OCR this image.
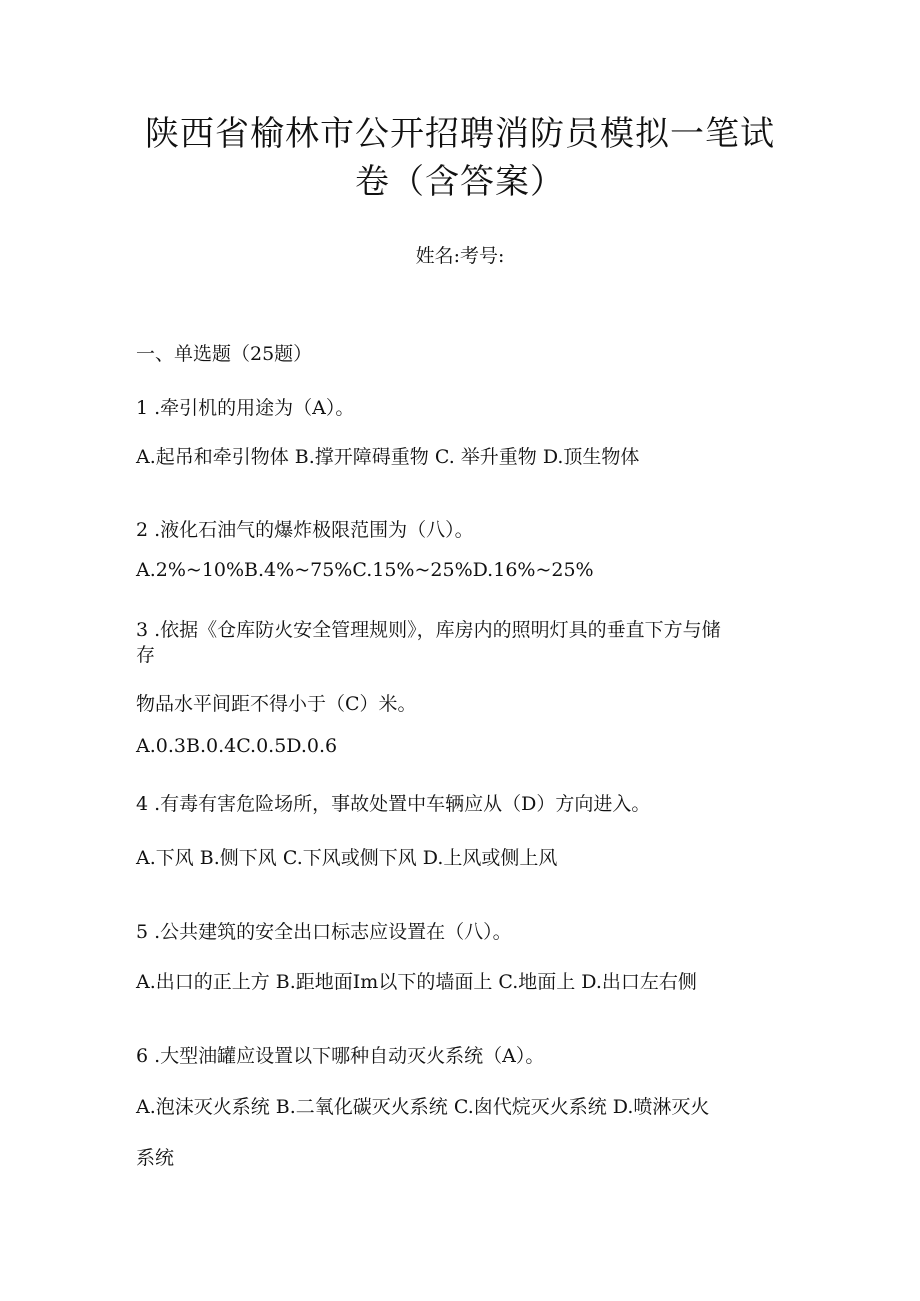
陕西省榆林市公开招聘消防员模拟一笔试
卷（含答案）
姓名:考号:
一、单选题（25题）
1 .牵引机的用途为（A）。
A.起吊和牵引物体 B.撑开障碍重物 C. 举升重物 D.顶生物体
2 .液化石油气的爆炸极限范围为（八）。
A.2%~10%B.4%~75%C.15%~25%D.16%~25%
3 .依据《仓库防火安全管理规则》，库房内的照明灯具的垂直下方与储
存
物品水平间距不得小于（C）米。
A.0.3B.0.4C.0.5D.0.6
4 .有毒有害危险场所，事故处置中车辆应从（D）方向进入。
A.下风 B.侧下风 C.下风或侧下风 D.上风或侧上风
5 .公共建筑的安全出口标志应设置在（八）。
A.出口的正上方 B.距地面Im以下的墙面上 C.地面上 D.出口左右侧
6 .大型油罐应设置以下哪种自动灭火系统（A）。
A.泡沫灭火系统 B.二氧化碳灭火系统 C.囱代烷灭火系统 D.喷淋灭火
系统
